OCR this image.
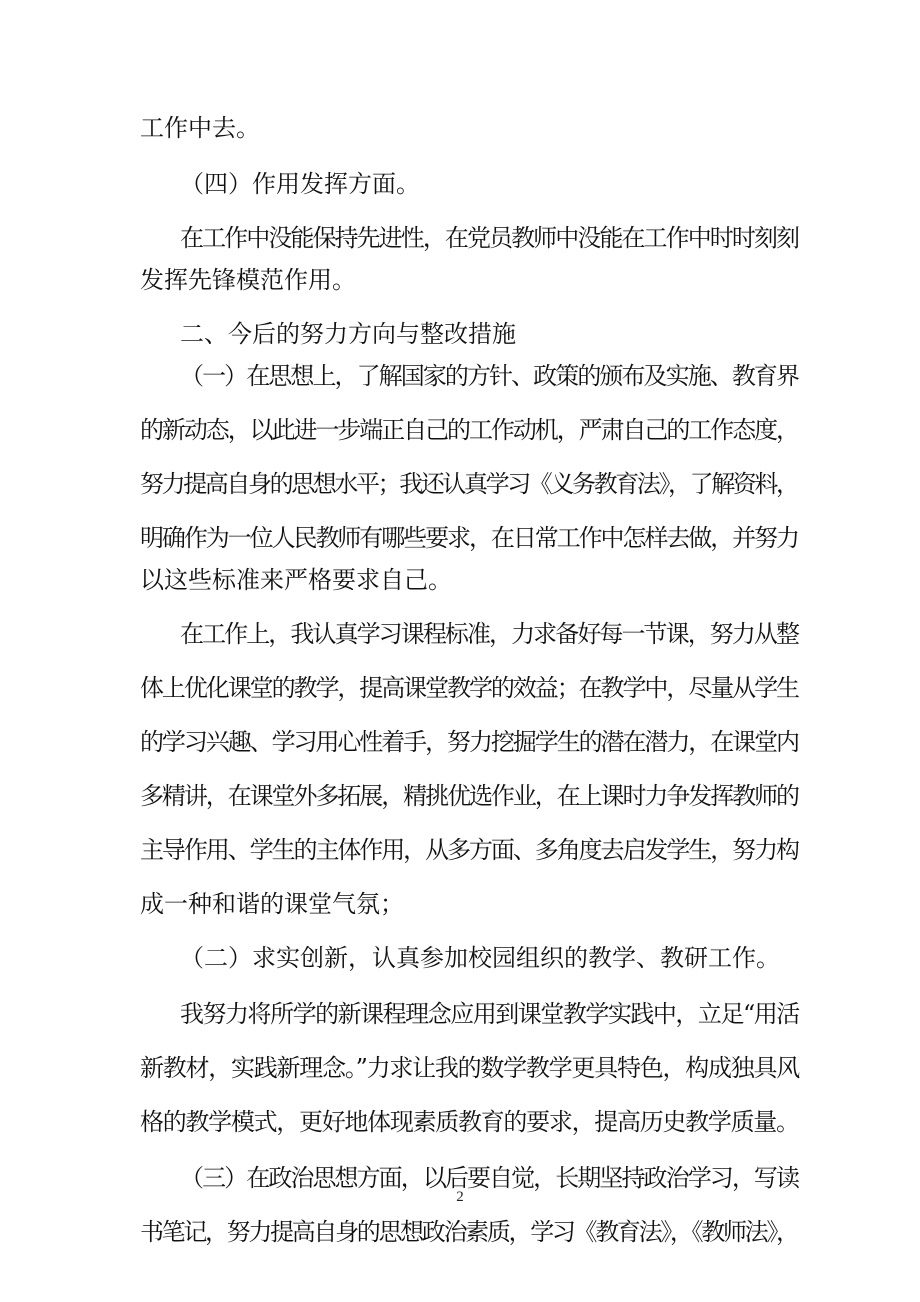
工作中去。
（四）作用发挥方面。
在工作中没能保持先进性，在党员教师中没能在工作中时时刻刻
发挥先锋模范作用。
二、今后的努力方向与整改措施
（一）在思想上，了解国家的方针、政策的颁布及实施、教育界
的新动态，以此进一步端正自己的工作动机，严肃自己的工作态度，
努力提高自身的思想水平；我还认真学习《义务教育法》，了解资料，
明确作为一位人民教师有哪些要求，在日常工作中怎样去做，并努力
以这些标准来严格要求自己。
在工作上，我认真学习课程标准，力求备好每一节课，努力从整
体上优化课堂的教学，提高课堂教学的效益；在教学中，尽量从学生
的学习兴趣、学习用心性着手，努力挖掘学生的潜在潜力，在课堂内
多精讲，在课堂外多拓展，精挑优选作业，在上课时力争发挥教师的
主导作用、学生的主体作用，从多方面、多角度去启发学生，努力构
成一种和谐的课堂气氛；
（二）求实创新，认真参加校园组织的教学、教研工作。
我努力将所学的新课程理念应用到课堂教学实践中，立足“用活
新教材，实践新理念。”力求让我的数学教学更具特色，构成独具风
格的教学模式，更好地体现素质教育的要求，提高历史教学质量。
（三）在政治思想方面，以后要自觉，长期坚持政治学习，写读
书笔记，努力提高自身的思想政治素质，学习《教育法》，《教师法》，
2
